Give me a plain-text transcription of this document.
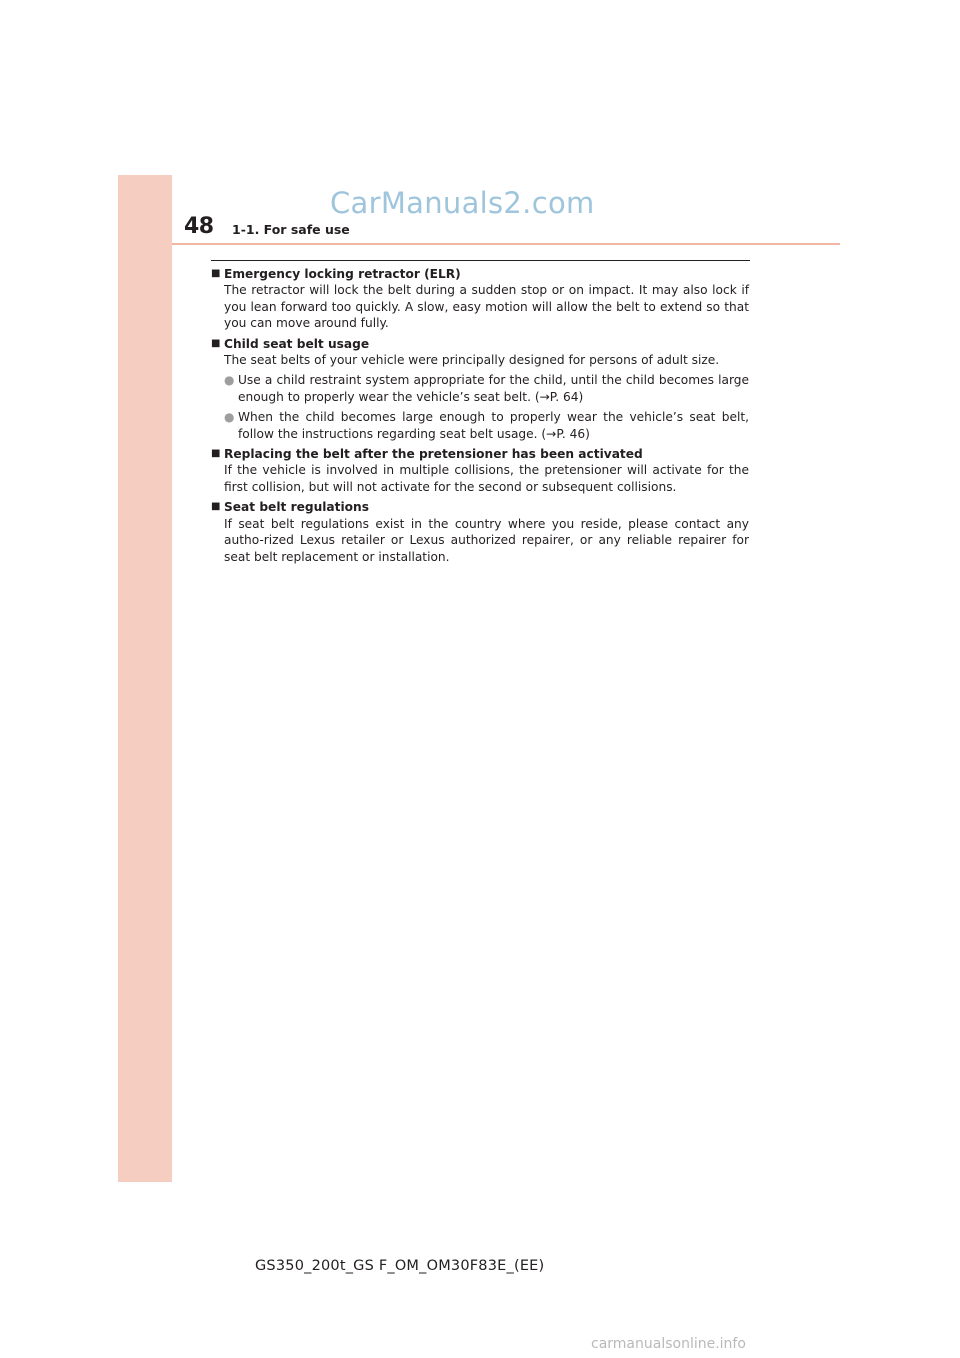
48 1-1. For safe use
CarManuals2.com
■ Emergency locking retractor (ELR)
The retractor will lock the belt during a sudden stop or on impact. It may also lock if you lean forward too quickly. A slow, easy motion will allow the belt to extend so that you can move around fully.
■ Child seat belt usage
The seat belts of your vehicle were principally designed for persons of adult size.
● Use a child restraint system appropriate for the child, until the child becomes large enough to properly wear the vehicle’s seat belt. (→P. 64)
● When the child becomes large enough to properly wear the vehicle’s seat belt, follow the instructions regarding seat belt usage. (→P. 46)
■ Replacing the belt after the pretensioner has been activated
If the vehicle is involved in multiple collisions, the pretensioner will activate for the first collision, but will not activate for the second or subsequent collisions.
■ Seat belt regulations
If seat belt regulations exist in the country where you reside, please contact any autho-rized Lexus retailer or Lexus authorized repairer, or any reliable repairer for seat belt replacement or installation.
GS350_200t_GS F_OM_OM30F83E_(EE)
carmanualsonline.info
